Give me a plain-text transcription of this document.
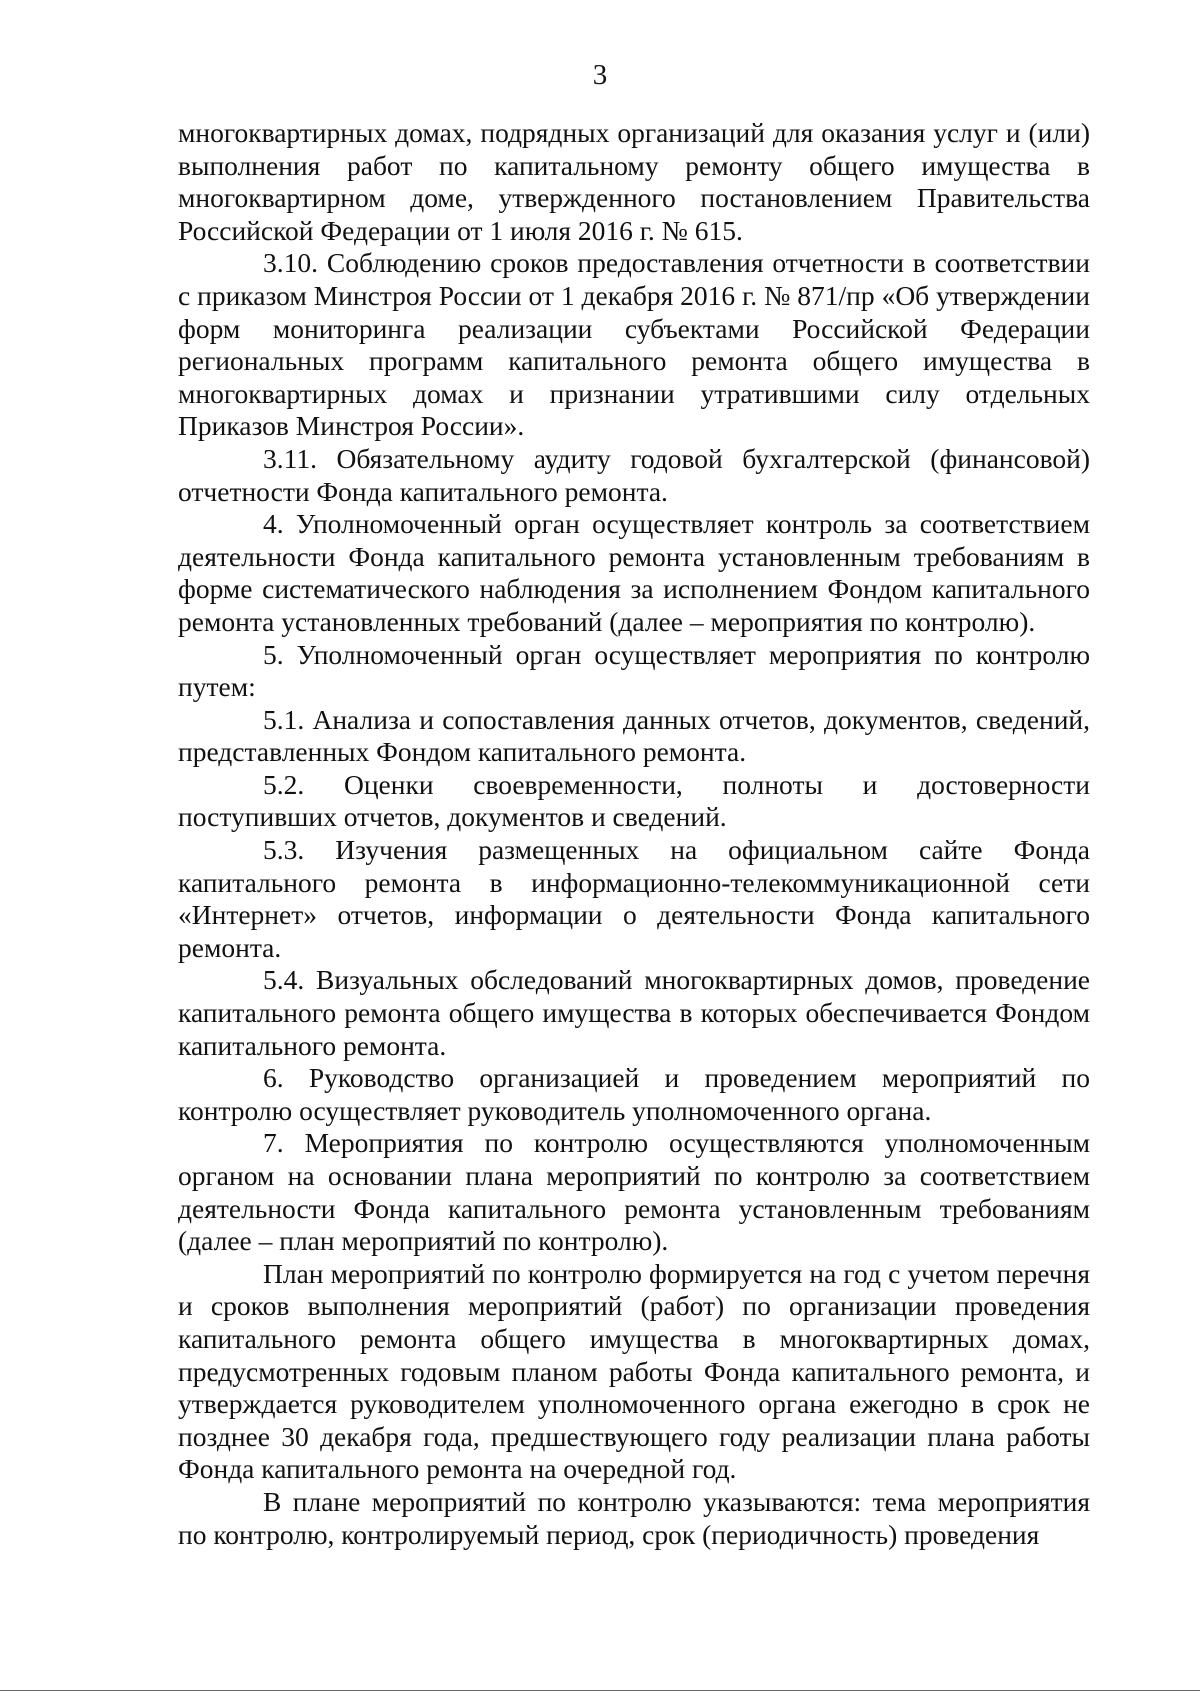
3

многоквартирных домах, подрядных организаций для оказания услуг и (или) выполнения работ по капитальному ремонту общего имущества в многоквартирном доме, утвержденного постановлением Правительства Российской Федерации от 1 июля 2016 г. № 615.

3.10. Соблюдению сроков предоставления отчетности в соответствии с приказом Минстроя России от 1 декабря 2016 г. № 871/пр «Об утверждении форм мониторинга реализации субъектами Российской Федерации региональных программ капитального ремонта общего имущества в многоквартирных домах и признании утратившими силу отдельных Приказов Минстроя России».

3.11. Обязательному аудиту годовой бухгалтерской (финансовой) отчетности Фонда капитального ремонта.

4. Уполномоченный орган осуществляет контроль за соответствием деятельности Фонда капитального ремонта установленным требованиям в форме систематического наблюдения за исполнением Фондом капитального ремонта установленных требований (далее – мероприятия по контролю).

5. Уполномоченный орган осуществляет мероприятия по контролю путем:

5.1. Анализа и сопоставления данных отчетов, документов, сведений, представленных Фондом капитального ремонта.

5.2. Оценки своевременности, полноты и достоверности поступивших отчетов, документов и сведений.

5.3. Изучения размещенных на официальном сайте Фонда капитального ремонта в информационно-телекоммуникационной сети «Интернет» отчетов, информации о деятельности Фонда капитального ремонта.

5.4. Визуальных обследований многоквартирных домов, проведение капитального ремонта общего имущества в которых обеспечивается Фондом капитального ремонта.

6. Руководство организацией и проведением мероприятий по контролю осуществляет руководитель уполномоченного органа.

7. Мероприятия по контролю осуществляются уполномоченным органом на основании плана мероприятий по контролю за соответствием деятельности Фонда капитального ремонта установленным требованиям (далее – план мероприятий по контролю).

План мероприятий по контролю формируется на год с учетом перечня и сроков выполнения мероприятий (работ) по организации проведения капитального ремонта общего имущества в многоквартирных домах, предусмотренных годовым планом работы Фонда капитального ремонта, и утверждается руководителем уполномоченного органа ежегодно в срок не позднее 30 декабря года, предшествующего году реализации плана работы Фонда капитального ремонта на очередной год.

В плане мероприятий по контролю указываются: тема мероприятия по контролю, контролируемый период, срок (периодичность) проведения
